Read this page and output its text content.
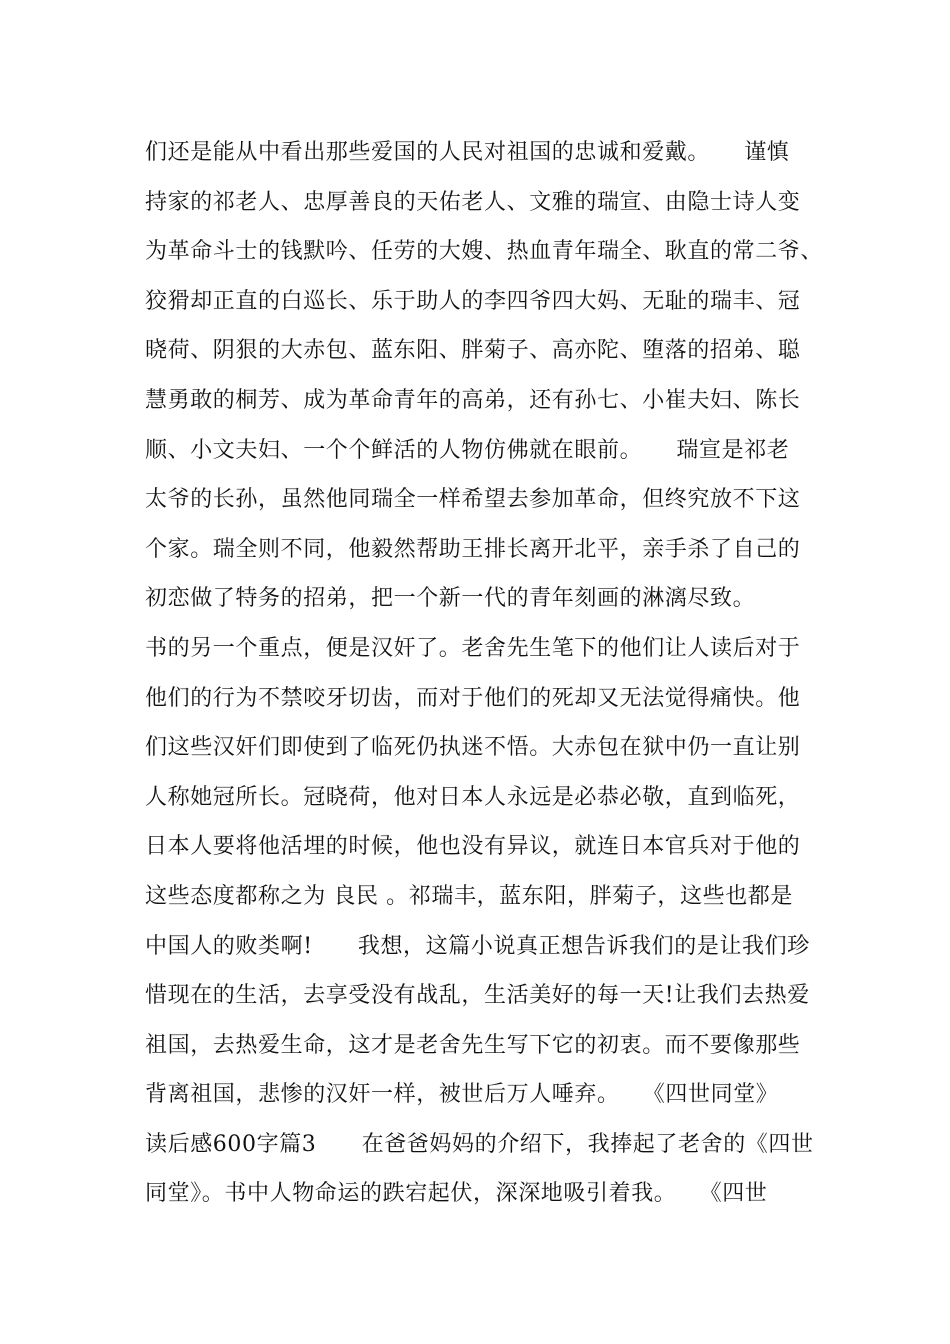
们还是能从中看出那些爱国的人民对祖国的忠诚和爱戴。　　谨慎
持家的祁老人、忠厚善良的天佑老人、文雅的瑞宣、由隐士诗人变
为革命斗士的钱默吟、任劳的大嫂、热血青年瑞全、耿直的常二爷、
狡猾却正直的白巡长、乐于助人的李四爷四大妈、无耻的瑞丰、冠
晓荷、阴狠的大赤包、蓝东阳、胖菊子、高亦陀、堕落的招弟、聪
慧勇敢的桐芳、成为革命青年的高弟，还有孙七、小崔夫妇、陈长
顺、小文夫妇、一个个鲜活的人物仿佛就在眼前。　　瑞宣是祁老
太爷的长孙，虽然他同瑞全一样希望去参加革命，但终究放不下这
个家。瑞全则不同，他毅然帮助王排长离开北平，亲手杀了自己的
初恋做了特务的招弟，把一个新一代的青年刻画的淋漓尽致。
书的另一个重点，便是汉奸了。老舍先生笔下的他们让人读后对于
他们的行为不禁咬牙切齿，而对于他们的死却又无法觉得痛快。他
们这些汉奸们即使到了临死仍执迷不悟。大赤包在狱中仍一直让别
人称她冠所长。冠晓荷，他对日本人永远是必恭必敬，直到临死，
日本人要将他活埋的时候，他也没有异议，就连日本官兵对于他的
这些态度都称之为 良民 。祁瑞丰，蓝东阳，胖菊子，这些也都是
中国人的败类啊!　　我想，这篇小说真正想告诉我们的是让我们珍
惜现在的生活，去享受没有战乱，生活美好的每一天!让我们去热爱
祖国，去热爱生命，这才是老舍先生写下它的初衷。而不要像那些
背离祖国，悲惨的汉奸一样，被世后万人唾弃。　　《四世同堂》
读后感600字篇3　　在爸爸妈妈的介绍下，我捧起了老舍的《四世
同堂》。书中人物命运的跌宕起伏，深深地吸引着我。　　《四世
